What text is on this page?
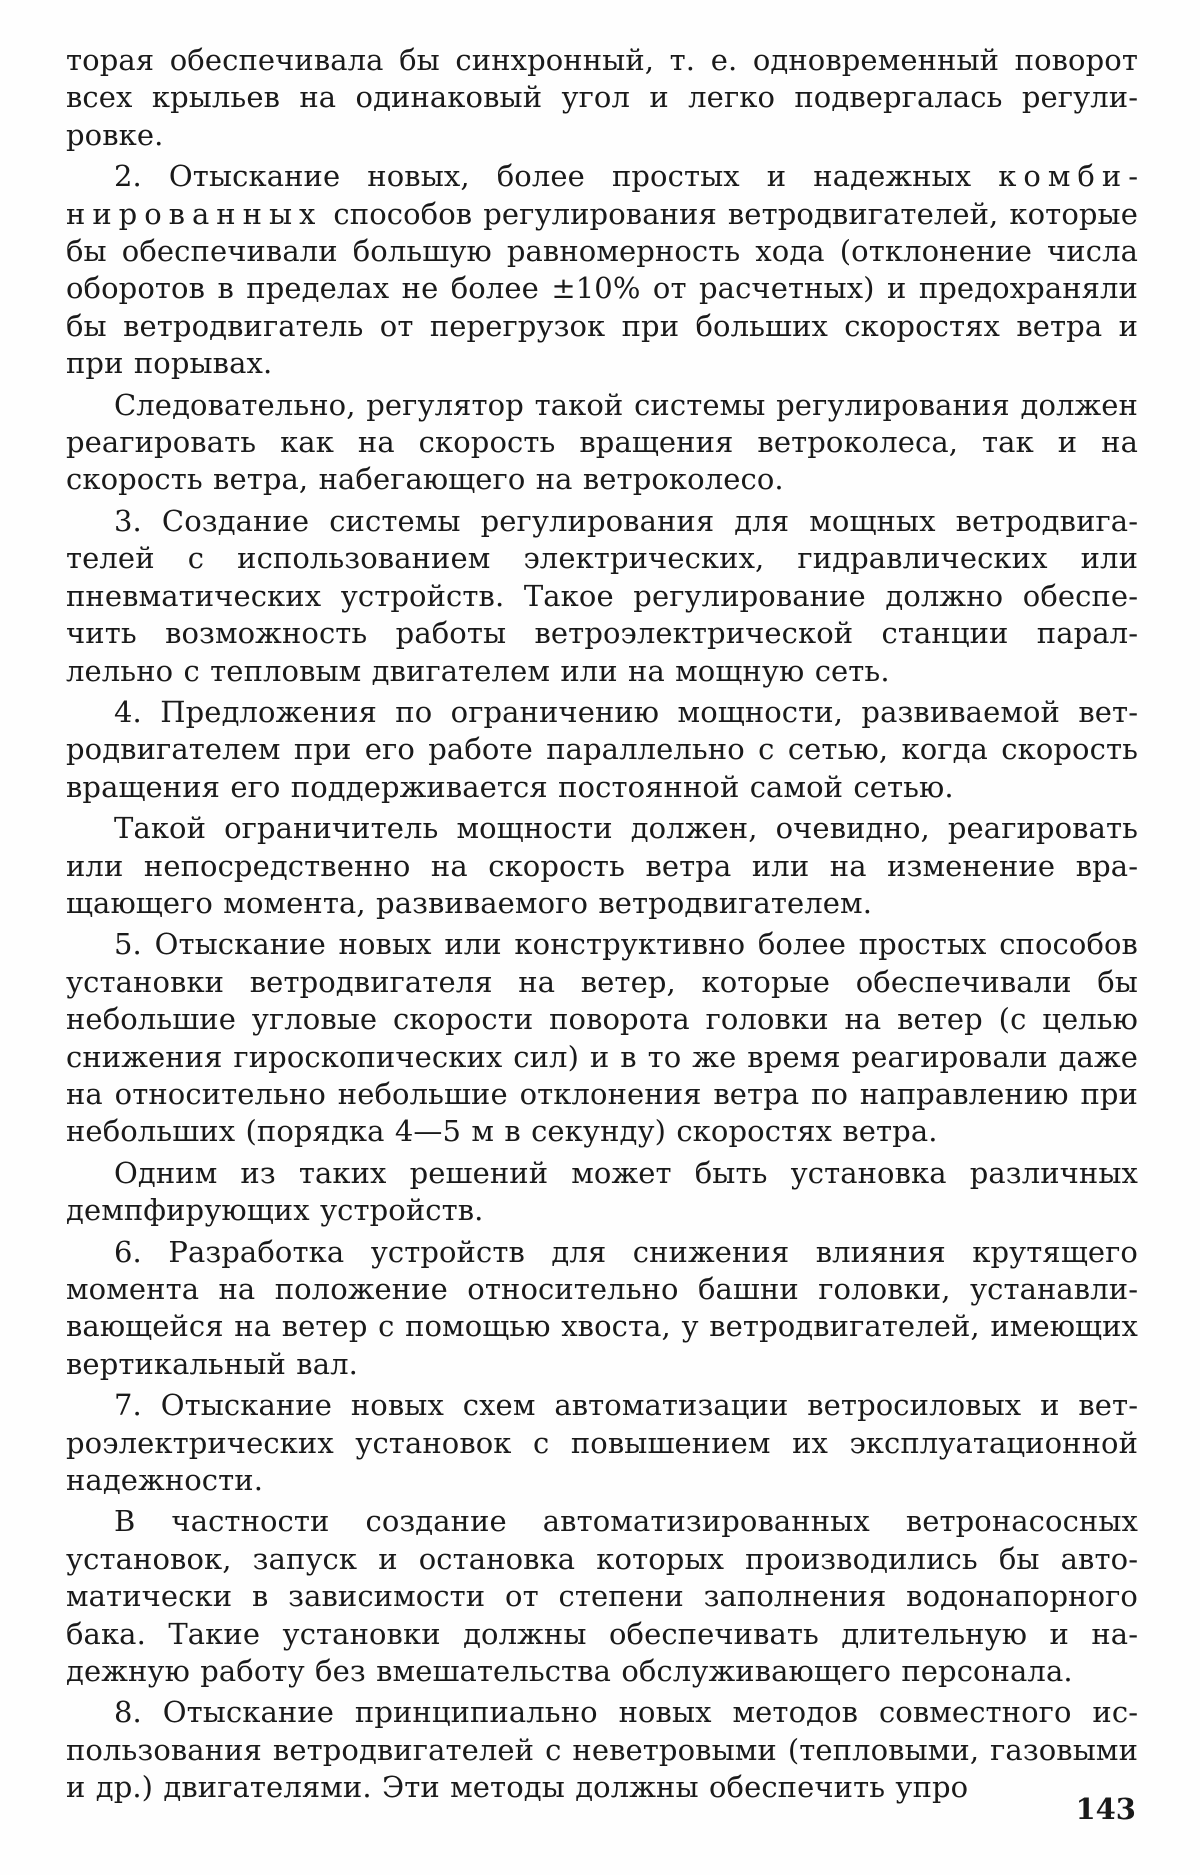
торая обеспечивала бы синхронный, т. е. одновременный поворот всех крыльев на одинаковый угол и легко подвергалась регулировке.

2. Отыскание новых, более простых и надежных комбинированных способов регулирования ветродвигателей, которые бы обеспечивали большую равномерность хода (отклонение числа оборотов в пределах не более ±10% от расчетных) и предохраняли бы ветродвигатель от перегрузок при больших скоростях ветра и при порывах.

Следовательно, регулятор такой системы регулирования должен реагировать как на скорость вращения ветроколеса, так и на скорость ветра, набегающего на ветроколесо.

3. Создание системы регулирования для мощных ветродвигателей с использованием электрических, гидравлических или пневматических устройств. Такое регулирование должно обеспечить возможность работы ветроэлектрической станции параллельно с тепловым двигателем или на мощную сеть.

4. Предложения по ограничению мощности, развиваемой ветродвигателем при его работе параллельно с сетью, когда скорость вращения его поддерживается постоянной самой сетью.

Такой ограничитель мощности должен, очевидно, реагировать или непосредственно на скорость ветра или на изменение вращающего момента, развиваемого ветродвигателем.

5. Отыскание новых или конструктивно более простых способов установки ветродвигателя на ветер, которые обеспечивали бы небольшие угловые скорости поворота головки на ветер (с целью снижения гироскопических сил) и в то же время реагировали даже на относительно небольшие отклонения ветра по направлению при небольших (порядка 4—5 м в секунду) скоростях ветра.

Одним из таких решений может быть установка различных демпфирующих устройств.

6. Разработка устройств для снижения влияния крутящего момента на положение относительно башни головки, устанавливающейся на ветер с помощью хвоста, у ветродвигателей, имеющих вертикальный вал.

7. Отыскание новых схем автоматизации ветросиловых и ветроэлектрических установок с повышением их эксплуатационной надежности.

В частности создание автоматизированных ветронасосных установок, запуск и остановка которых производились бы автоматически в зависимости от степени заполнения водонапорного бака. Такие установки должны обеспечивать длительную и надежную работу без вмешательства обслуживающего персонала.

8. Отыскание принципиально новых методов совместного использования ветродвигателей с неветровыми (тепловыми, газовыми и др.) двигателями. Эти методы должны обеспечить упро

143
